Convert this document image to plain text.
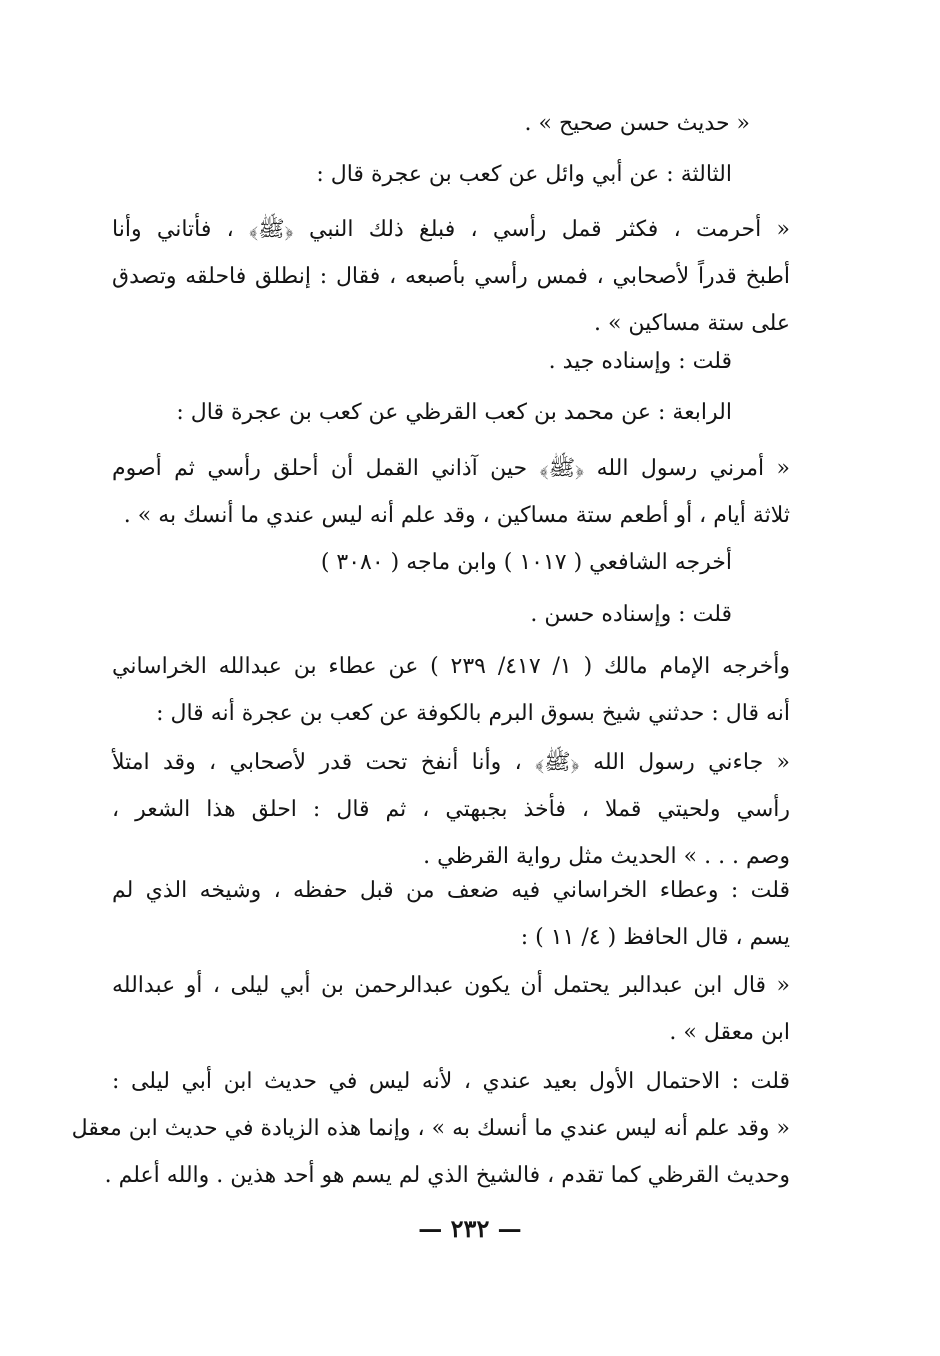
« حديث حسن صحيح » .
الثالثة : عن أبي وائل عن كعب بن عجرة قال :
« أحرمت ، فكثر قمل رأسي ، فبلغ ذلك النبي ﴿ﷺ﴾ ، فأتاني وأنا
أطبخ قدراً لأصحابي ، فمس رأسي بأصبعه ، فقال : إنطلق فاحلقه وتصدق
على ستة مساكين » .
قلت : وإسناده جيد .
الرابعة : عن محمد بن كعب القرظي عن كعب بن عجرة قال :
« أمرني رسول الله ﴿ﷺ﴾ حين آذاني القمل أن أحلق رأسي ثم أصوم
ثلاثة أيام ، أو أطعم ستة مساكين ، وقد علم أنه ليس عندي ما أنسك به » .
أخرجه الشافعي ( ١٠١٧ ) وابن ماجه ( ٣٠٨٠ )
قلت : وإسناده حسن .
وأخرجه الإمام مالك ( ١/ ٤١٧/ ٢٣٩ ) عن عطاء بن عبدالله الخراساني
أنه قال : حدثني شيخ بسوق البرم بالكوفة عن كعب بن عجرة أنه قال :
« جاءني رسول الله ﴿ﷺ﴾ ، وأنا أنفخ تحت قدر لأصحابي ، وقد امتلأ
رأسي ولحيتي قملا ، فأخذ بجبهتي ، ثم قال : احلق هذا الشعر ،
وصم . . . » الحديث مثل رواية القرظي .
قلت : وعطاء الخراساني فيه ضعف من قبل حفظه ، وشيخه الذي لم
يسم ، قال الحافظ ( ٤/ ١١ ) :
« قال ابن عبدالبر يحتمل أن يكون عبدالرحمن بن أبي ليلى ، أو عبدالله
ابن معقل » .
قلت : الاحتمال الأول بعيد عندي ، لأنه ليس في حديث ابن أبي ليلى :
« وقد علم أنه ليس عندي ما أنسك به » ، وإنما هذه الزيادة في حديث ابن معقل
وحديث القرظي كما تقدم ، فالشيخ الذي لم يسم هو أحد هذين . والله أعلم .
— ٢٣٢ —
